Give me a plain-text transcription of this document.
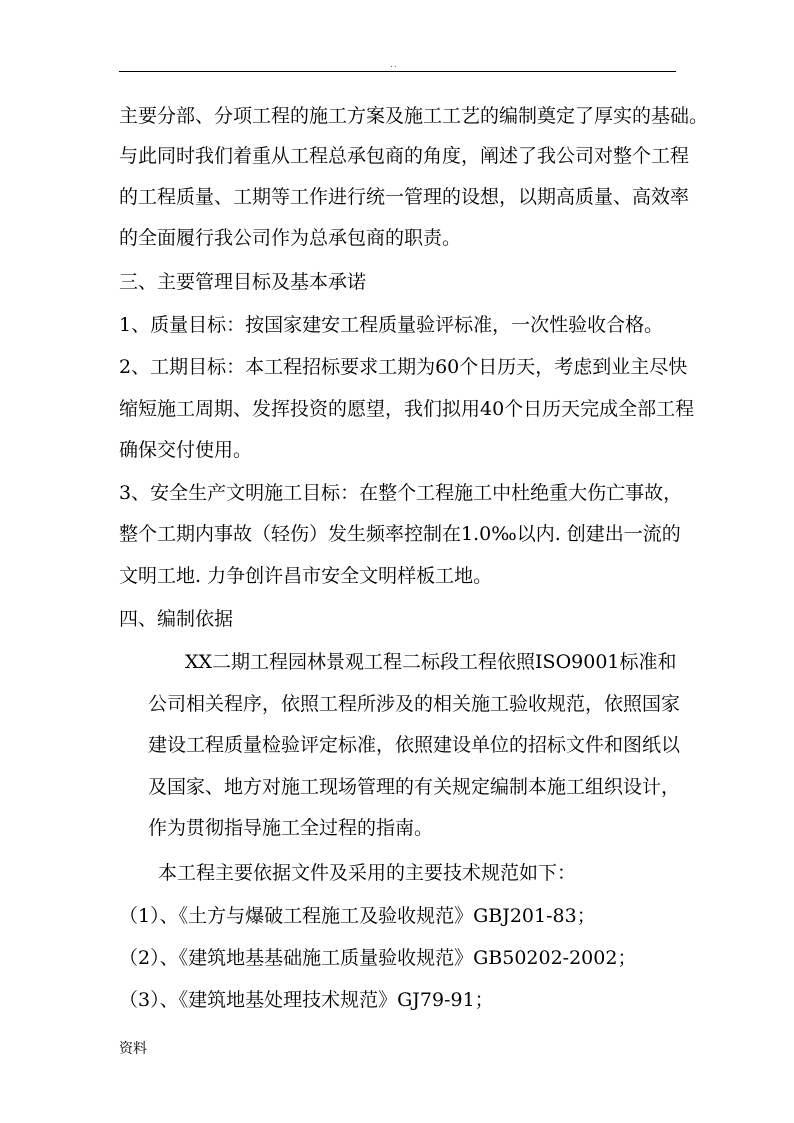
..
主要分部、分项工程的施工方案及施工工艺的编制奠定了厚实的基础。
与此同时我们着重从工程总承包商的角度，阐述了我公司对整个工程
的工程质量、工期等工作进行统一管理的设想，以期高质量、高效率
的全面履行我公司作为总承包商的职责。
三、主要管理目标及基本承诺
1、质量目标：按国家建安工程质量验评标准，一次性验收合格。
2、工期目标：本工程招标要求工期为60个日历天，考虑到业主尽快
缩短施工周期、发挥投资的愿望，我们拟用40个日历天完成全部工程
确保交付使用。
3、安全生产文明施工目标：在整个工程施工中杜绝重大伤亡事故，
整个工期内事故（轻伤）发生频率控制在1.0‰以内. 创建出一流的
文明工地. 力争创许昌市安全文明样板工地。
四、编制依据
XX二期工程园林景观工程二标段工程依照ISO9001标准和
公司相关程序，依照工程所涉及的相关施工验收规范，依照国家
建设工程质量检验评定标准，依照建设单位的招标文件和图纸以
及国家、地方对施工现场管理的有关规定编制本施工组织设计，
作为贯彻指导施工全过程的指南。
本工程主要依据文件及采用的主要技术规范如下：
（1）、《土方与爆破工程施工及验收规范》GBJ201-83；
（2）、《建筑地基基础施工质量验收规范》GB50202-2002；
（3）、《建筑地基处理技术规范》GJ79-91；
资料
